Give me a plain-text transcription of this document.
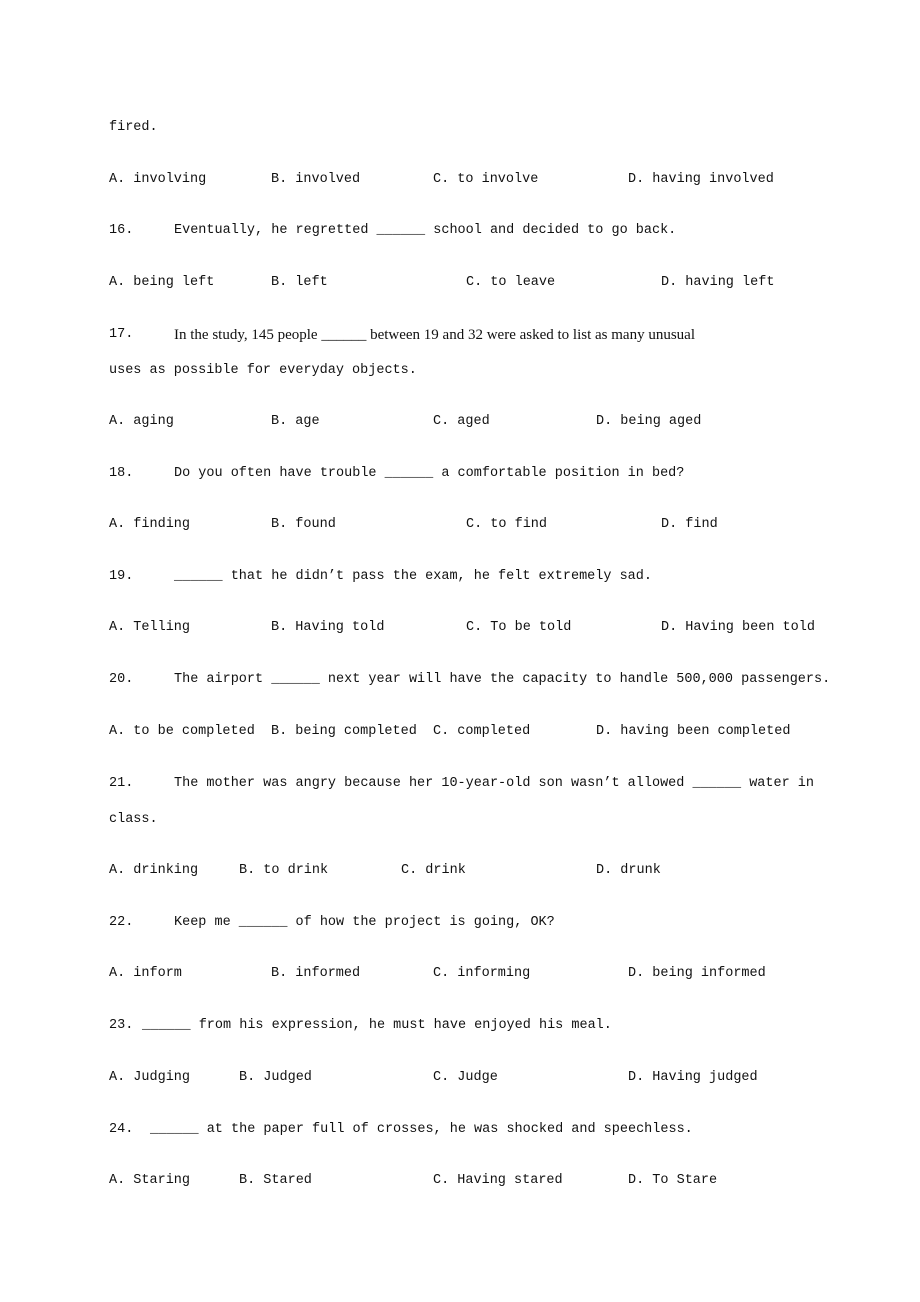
fired.
A. involving	B. involved	C. to involve	D. having involved
16.	Eventually, he regretted ______ school and decided to go back.
A. being left	B. left	C. to leave	D. having left
17.	In the study, 145 people ______ between 19 and 32 were asked to list as many unusual
uses as possible for everyday objects.
A. aging	B. age	C. aged	D. being aged
18.	Do you often have trouble ______ a comfortable position in bed?
A. finding	B. found	C. to find	D. find
19.	______ that he didn’t pass the exam, he felt extremely sad.
A. Telling	B. Having told	C. To be told	D. Having been told
20.	The airport ______ next year will have the capacity to handle 500,000 passengers.
A. to be completed B. being completed C. completed	D. having been completed
21.	The mother was angry because her 10-year-old son wasn’t allowed ______ water in
class.
A. drinking	B. to drink	C. drink	D. drunk
22.	Keep me ______ of how the project is going, OK?
A. inform	B. informed	C. informing	D. being informed
23. ______ from his expression, he must have enjoyed his meal.
A. Judging	B. Judged	C. Judge	D. Having judged
24. ______ at the paper full of crosses, he was shocked and speechless.
A. Staring	B. Stared	C. Having stared	D. To Stare
